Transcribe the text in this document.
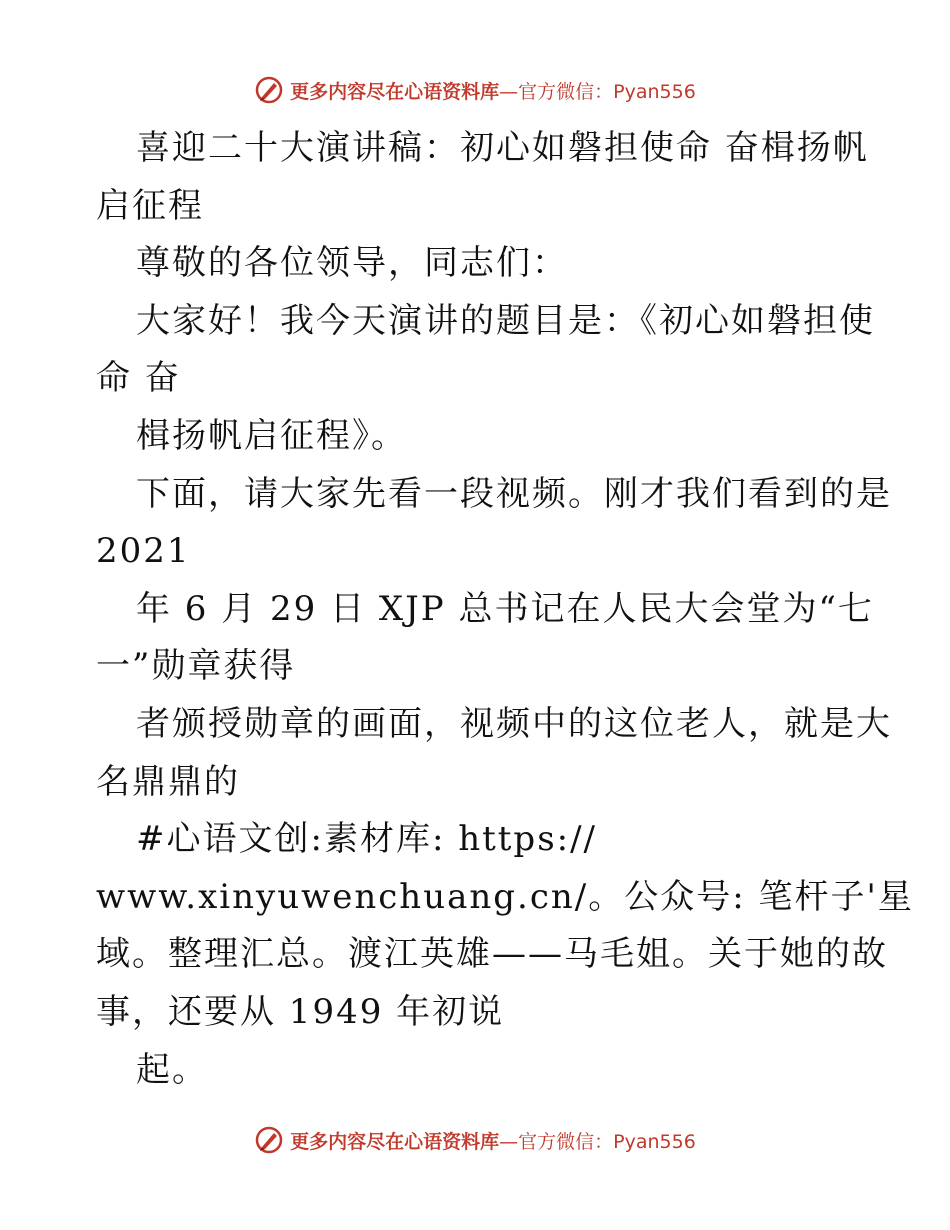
更多内容尽在心语资料库—官方微信：Pyan556
喜迎二十大演讲稿：初心如磐担使命 奋楫扬帆
启征程
尊敬的各位领导，同志们：
大家好！我今天演讲的题目是：《初心如磐担使
命 奋
楫扬帆启征程》。
下面，请大家先看一段视频。刚才我们看到的是
2021
年 6 月 29 日 XJP 总书记在人民大会堂为“七
一”勋章获得
者颁授勋章的画面，视频中的这位老人，就是大
名鼎鼎的
#心语文创:素材库: https://
www.xinyuwenchuang.cn/。公众号: 笔杆子'星
域。整理汇总。渡江英雄——马毛姐。关于她的故
事，还要从 1949 年初说
起。
更多内容尽在心语资料库—官方微信：Pyan556
